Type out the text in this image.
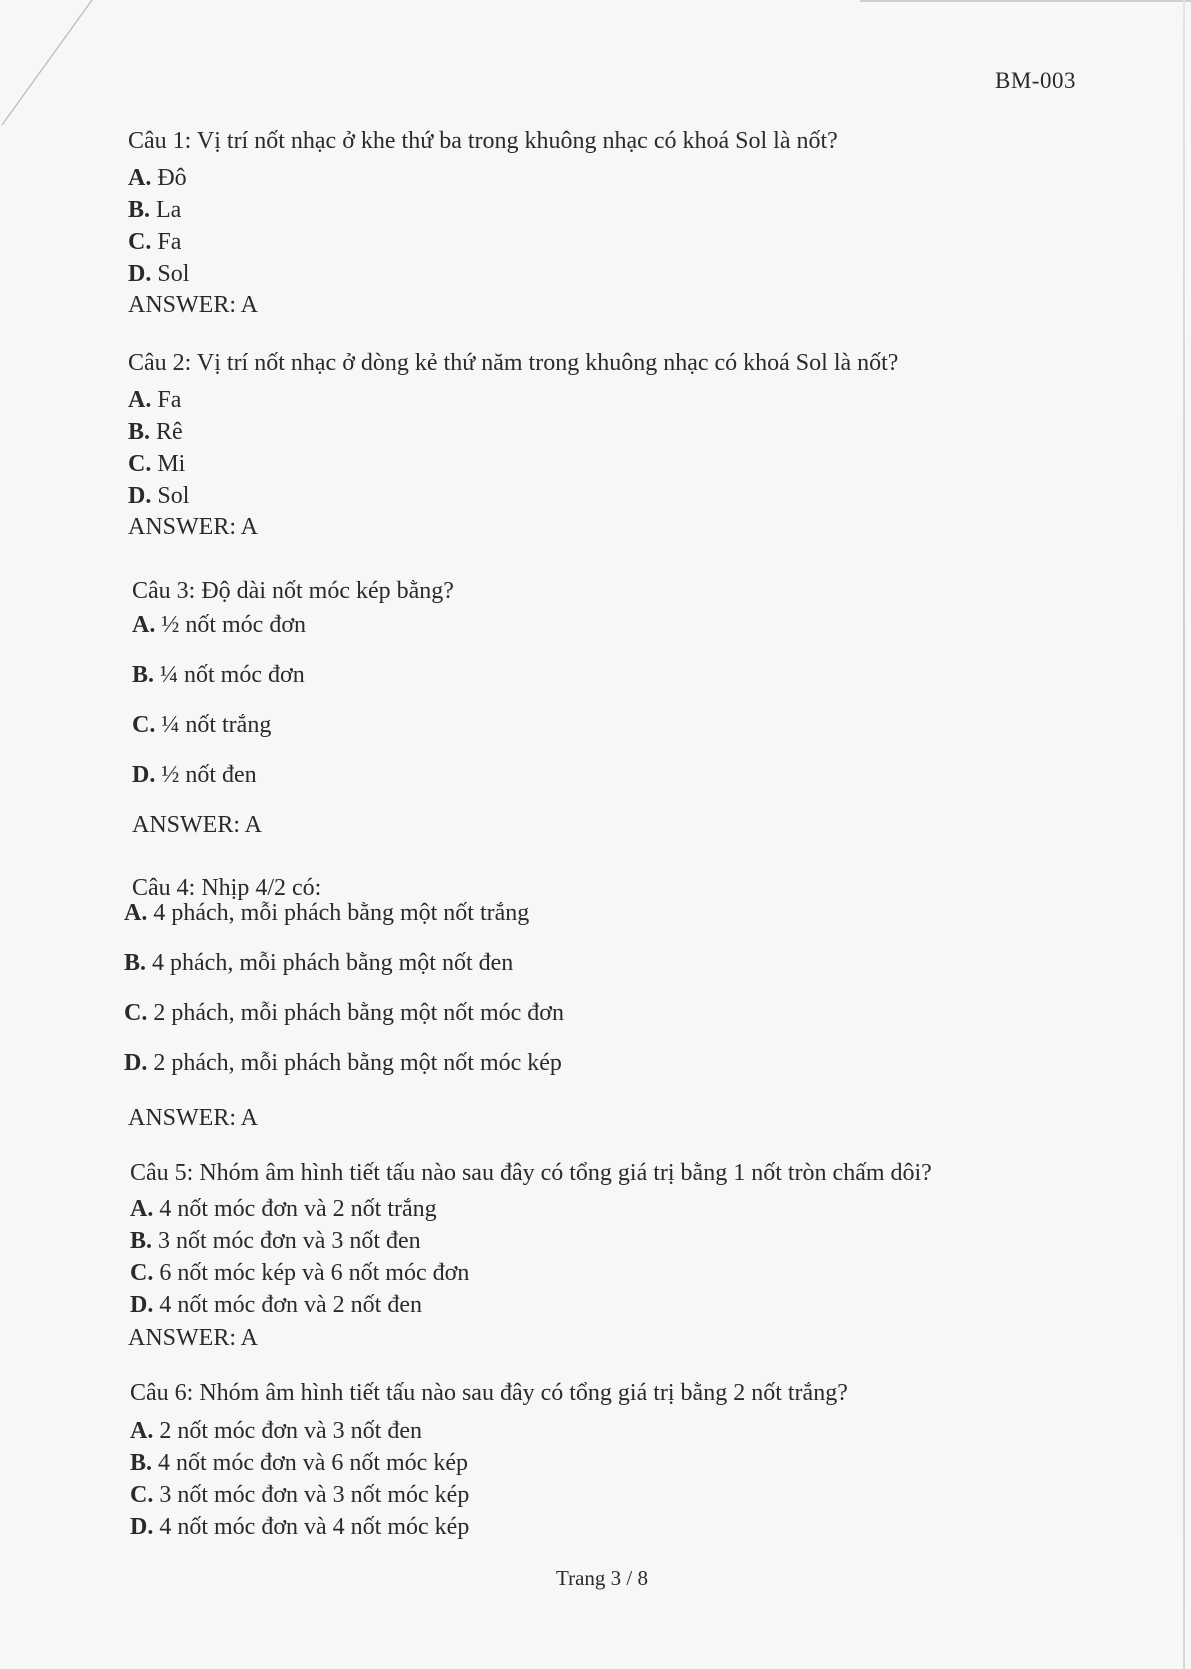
BM-003
Câu 1: Vị trí nốt nhạc ở khe thứ ba trong khuông nhạc có khoá Sol là nốt?
A. Đô
B. La
C. Fa
D. Sol
ANSWER: A
Câu 2: Vị trí nốt nhạc ở dòng kẻ thứ năm trong khuông nhạc có khoá Sol là nốt?
A. Fa
B. Rê
C. Mi
D. Sol
ANSWER: A
Câu 3: Độ dài nốt móc kép bằng?
A. ½ nốt móc đơn
B. ¼ nốt móc đơn
C. ¼ nốt trắng
D. ½ nốt đen
ANSWER: A
Câu 4: Nhịp 4/2 có:
A. 4 phách, mỗi phách bằng một nốt trắng
B. 4 phách, mỗi phách bằng một nốt đen
C. 2 phách, mỗi phách bằng một nốt móc đơn
D. 2 phách, mỗi phách bằng một nốt móc kép
ANSWER: A
Câu 5: Nhóm âm hình tiết tấu nào sau đây có tổng giá trị bằng 1 nốt tròn chấm dôi?
A. 4 nốt móc đơn và 2 nốt trắng
B. 3 nốt móc đơn và 3 nốt đen
C. 6 nốt móc kép và 6 nốt móc đơn
D. 4 nốt móc đơn và 2 nốt đen
ANSWER: A
Câu 6: Nhóm âm hình tiết tấu nào sau đây có tổng giá trị bằng 2 nốt trắng?
A. 2 nốt móc đơn và 3 nốt đen
B. 4 nốt móc đơn và 6 nốt móc kép
C. 3 nốt móc đơn và 3 nốt móc kép
D. 4 nốt móc đơn và 4 nốt móc kép
Trang 3 / 8
